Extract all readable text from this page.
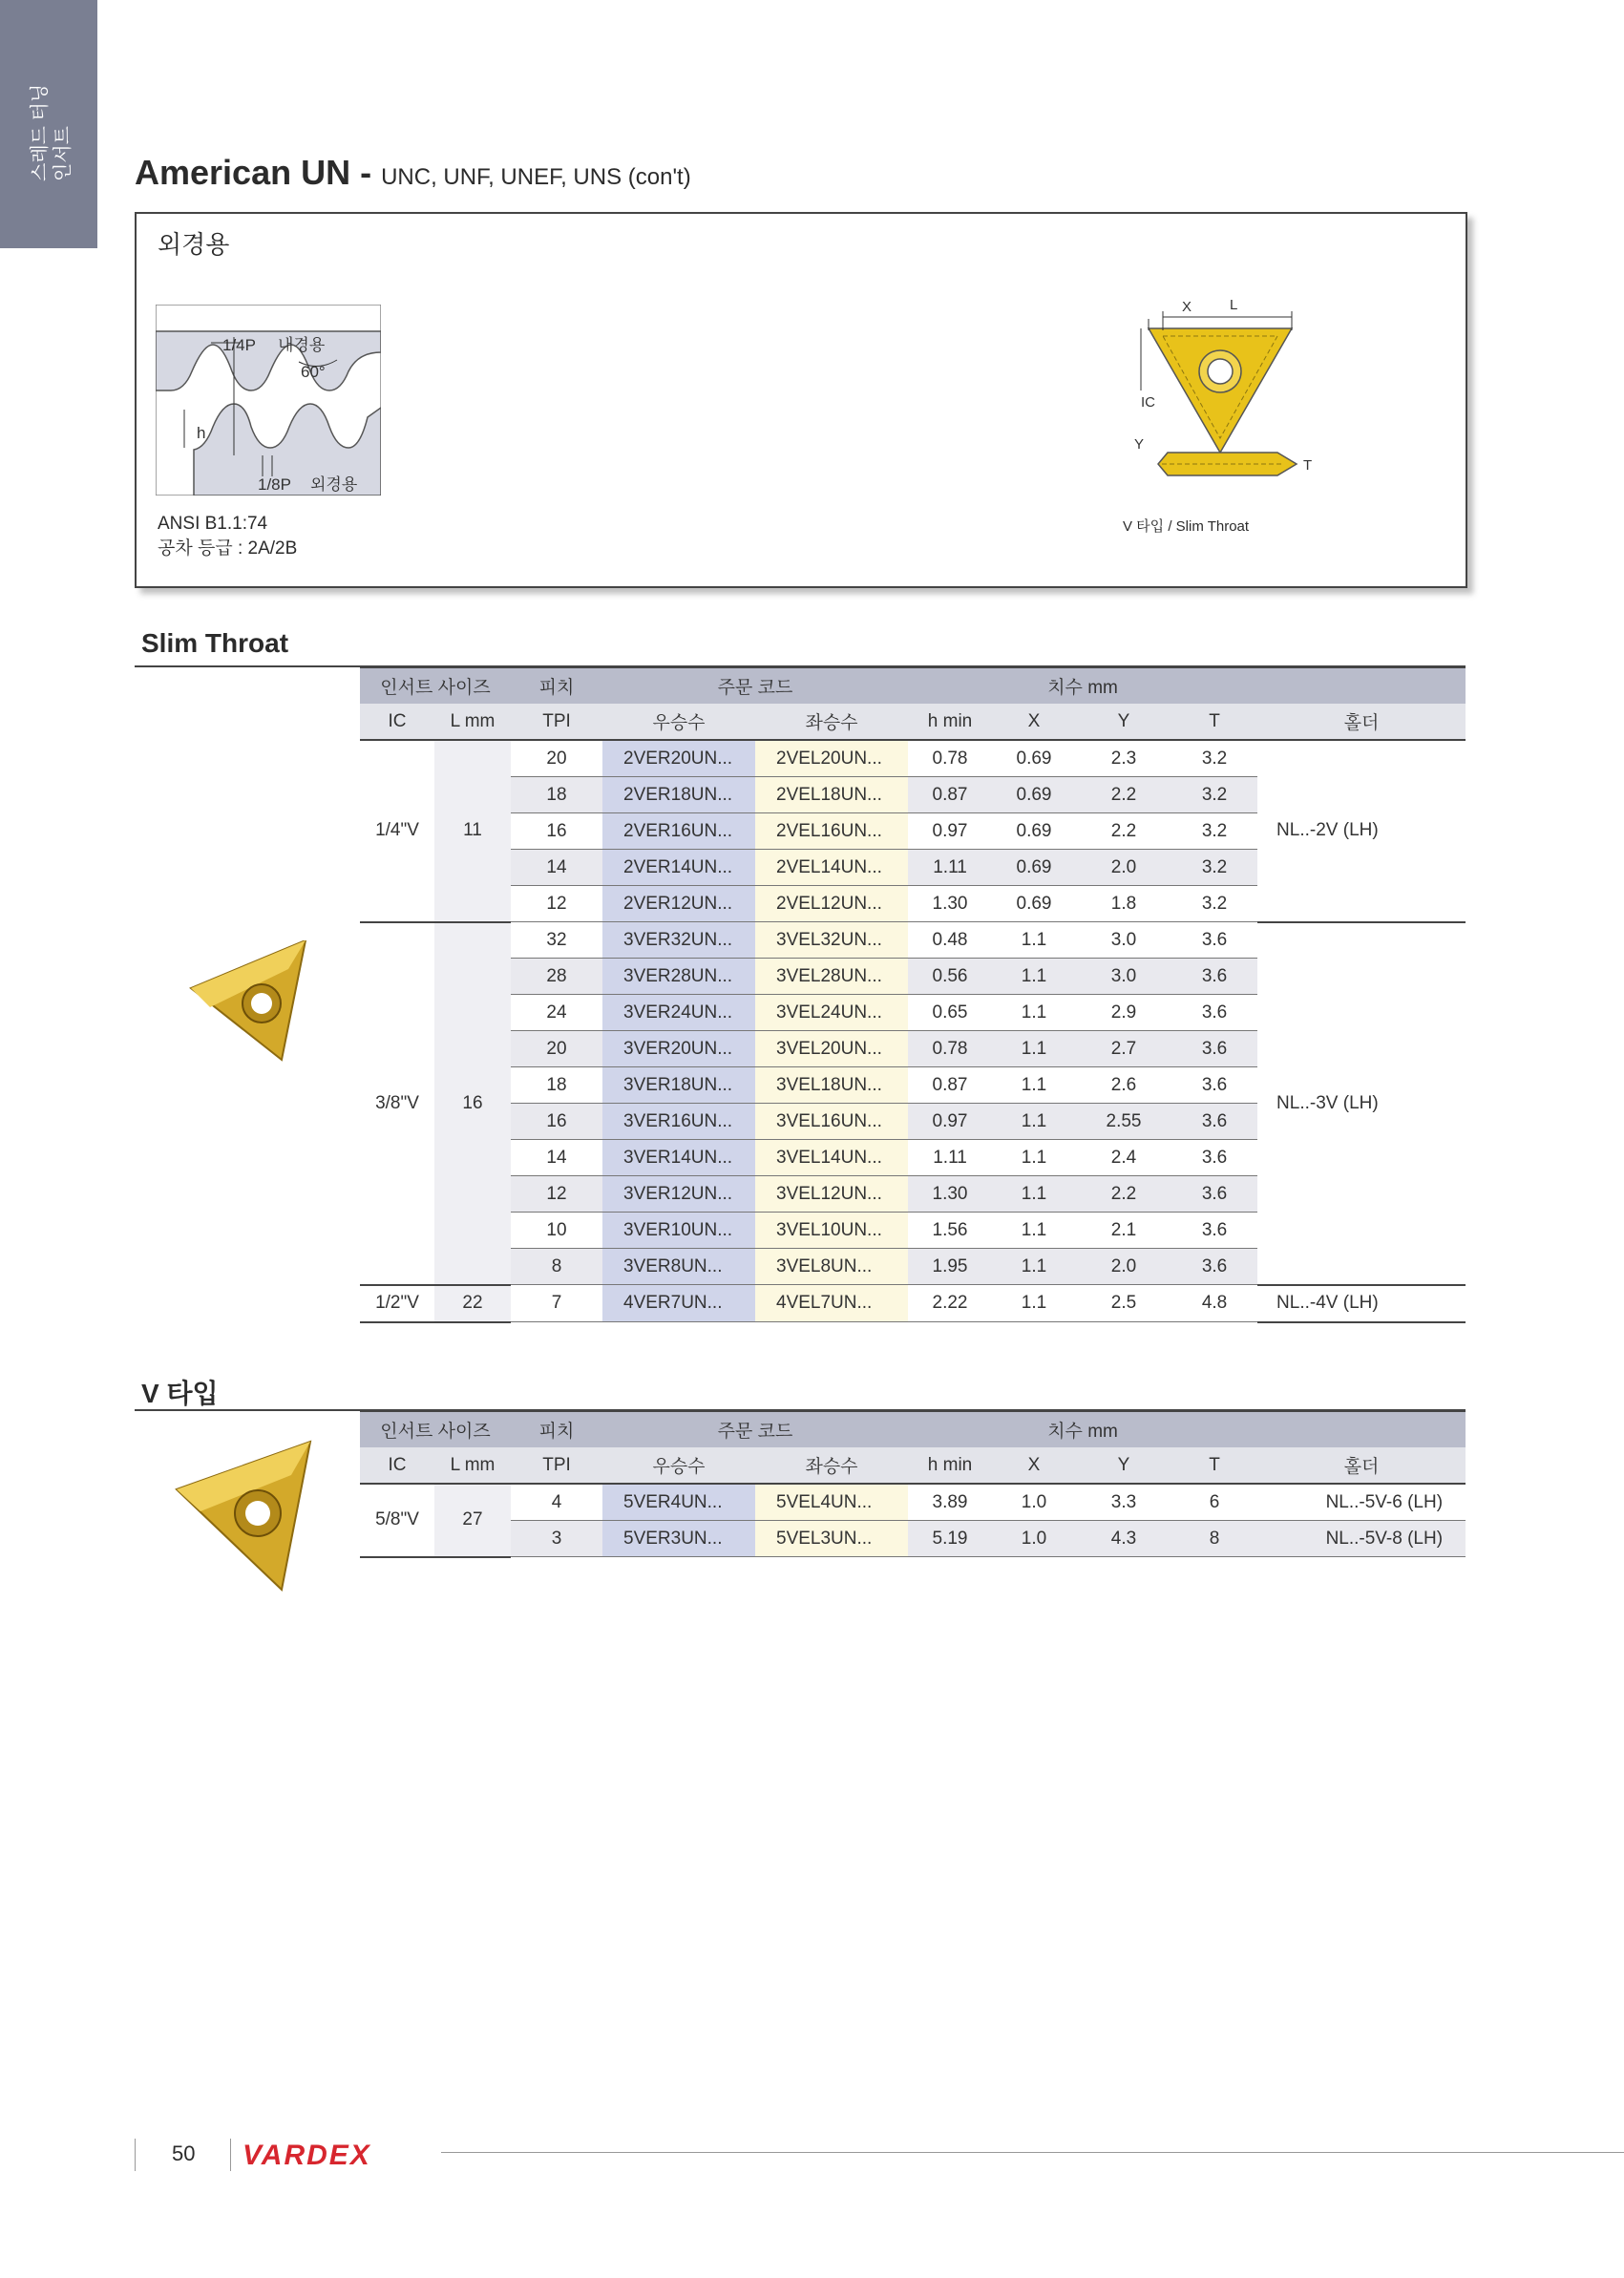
스레드 터닝 인서트 American UN - UNC, UNF, UNEF, UNS (con't)
외경용
1/4P 내경용
60°
h
1/8P 외경용
ANSI B1.1:74
공차 등급 : 2A/2B
X	L
IC
Y
T
V 타입 / Slim Throat
Slim Throat
인서트 사이즈		피치	주문 코드		치수 mm				
IC	L mm	TPI	우승수	좌승수	h min	X	Y	T	홀더
1/4"V	11	20	2VER20UN...	2VEL20UN...	0.78	0.69	2.3	3.2	NL..-2V (LH)
		18	2VER18UN...	2VEL18UN...	0.87	0.69	2.2	3.2	
		16	2VER16UN...	2VEL16UN...	0.97	0.69	2.2	3.2	
		14	2VER14UN...	2VEL14UN...	1.11	0.69	2.0	3.2	
		12	2VER12UN...	2VEL12UN...	1.30	0.69	1.8	3.2	
3/8"V	16	32	3VER32UN...	3VEL32UN...	0.48	1.1	3.0	3.6	NL..-3V (LH)
		28	3VER28UN...	3VEL28UN...	0.56	1.1	3.0	3.6	
		24	3VER24UN...	3VEL24UN...	0.65	1.1	2.9	3.6	
		20	3VER20UN...	3VEL20UN...	0.78	1.1	2.7	3.6	
		18	3VER18UN...	3VEL18UN...	0.87	1.1	2.6	3.6	
		16	3VER16UN...	3VEL16UN...	0.97	1.1	2.55	3.6	
		14	3VER14UN...	3VEL14UN...	1.11	1.1	2.4	3.6	
		12	3VER12UN...	3VEL12UN...	1.30	1.1	2.2	3.6	
		10	3VER10UN...	3VEL10UN...	1.56	1.1	2.1	3.6	
		8	3VER8UN...	3VEL8UN...	1.95	1.1	2.0	3.6	
1/2"V	22	7	4VER7UN...	4VEL7UN...	2.22	1.1	2.5	4.8	NL..-4V (LH)
V 타입
인서트 사이즈		피치	주문 코드		치수 mm				
IC	L mm	TPI	우승수	좌승수	h min	X	Y	T	홀더
5/8"V	27	4	5VER4UN...	5VEL4UN...	3.89	1.0	3.3	6	NL..-5V-6 (LH)
		3	5VER3UN...	5VEL3UN...	5.19	1.0	4.3	8	NL..-5V-8 (LH)
50 VARDEX
